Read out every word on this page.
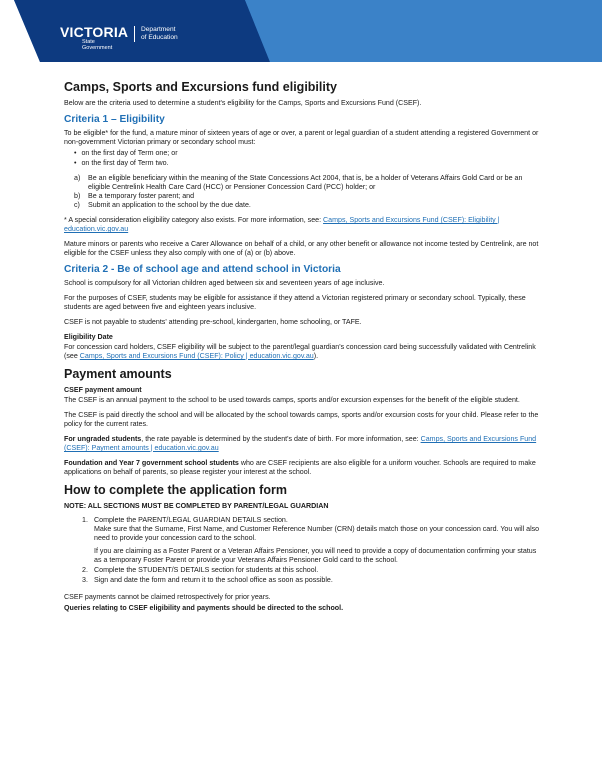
VICTORIA
State
Government
Department
of Education
Camps, Sports and Excursions fund eligibility

Below are the criteria used to determine a student's eligibility for the Camps, Sports and Excursions Fund (CSEF).

Criteria 1 – Eligibility

To be eligible* for the fund, a mature minor of sixteen years of age or over, a parent or legal guardian of a student attending a registered Government or non-government Victorian primary or secondary school must:

• on the first day of Term one; or
• on the first day of Term two.
a)	Be an eligible beneficiary within the meaning of the State Concessions Act 2004, that is, be a holder of Veterans Affairs Gold Card or be an eligible Centrelink Health Care Card (HCC) or Pensioner Concession Card (PCC) holder; or
b)	Be a temporary foster parent; and
c)	Submit an application to the school by the due date.

* A special consideration eligibility category also exists. For more information, see: Camps, Sports and Excursions Fund (CSEF): Eligibility | education.vic.gov.au

Mature minors or parents who receive a Carer Allowance on behalf of a child, or any other benefit or allowance not income tested by Centrelink, are not eligible for the CSEF unless they also comply with one of (a) or (b) above.

Criteria 2 - Be of school age and attend school in Victoria

School is compulsory for all Victorian children aged between six and seventeen years of age inclusive.

For the purposes of CSEF, students may be eligible for assistance if they attend a Victorian registered primary or secondary school. Typically, these students are aged between five and eighteen years inclusive.

CSEF is not payable to students' attending pre-school, kindergarten, home schooling, or TAFE.

Eligibility Date

For concession card holders, CSEF eligibility will be subject to the parent/legal guardian's concession card being successfully validated with Centrelink (see Camps, Sports and Excursions Fund (CSEF): Policy | education.vic.gov.au).

Payment amounts
CSEF payment amount

The CSEF is an annual payment to the school to be used towards camps, sports and/or excursion expenses for the benefit of the eligible student.

The CSEF is paid directly the school and will be allocated by the school towards camps, sports and/or excursion costs for your child. Please refer to the policy for the current rates.

For ungraded students, the rate payable is determined by the student's date of birth. For more information, see: Camps, Sports and Excursions Fund (CSEF): Payment amounts | education.vic.gov.au

Foundation and Year 7 government school students who are CSEF recipients are also eligible for a uniform voucher. Schools are required to make applications on behalf of parents, so please register your interest at the school.

How to complete the application form
NOTE: ALL SECTIONS MUST BE COMPLETED BY PARENT/LEGAL GUARDIAN
1. Complete the PARENT/LEGAL GUARDIAN DETAILS section.
Make sure that the Surname, First Name, and Customer Reference Number (CRN) details match those on your concession card. You will also need to provide your concession card to the school.
If you are claiming as a Foster Parent or a Veteran Affairs Pensioner, you will need to provide a copy of documentation confirming your status as a temporary Foster Parent or provide your Veterans Affairs Pensioner Gold card to the school.
2. Complete the STUDENT/S DETAILS section for students at this school.
3. Sign and date the form and return it to the school office as soon as possible.

CSEF payments cannot be claimed retrospectively for prior years.

Queries relating to CSEF eligibility and payments should be directed to the school.
